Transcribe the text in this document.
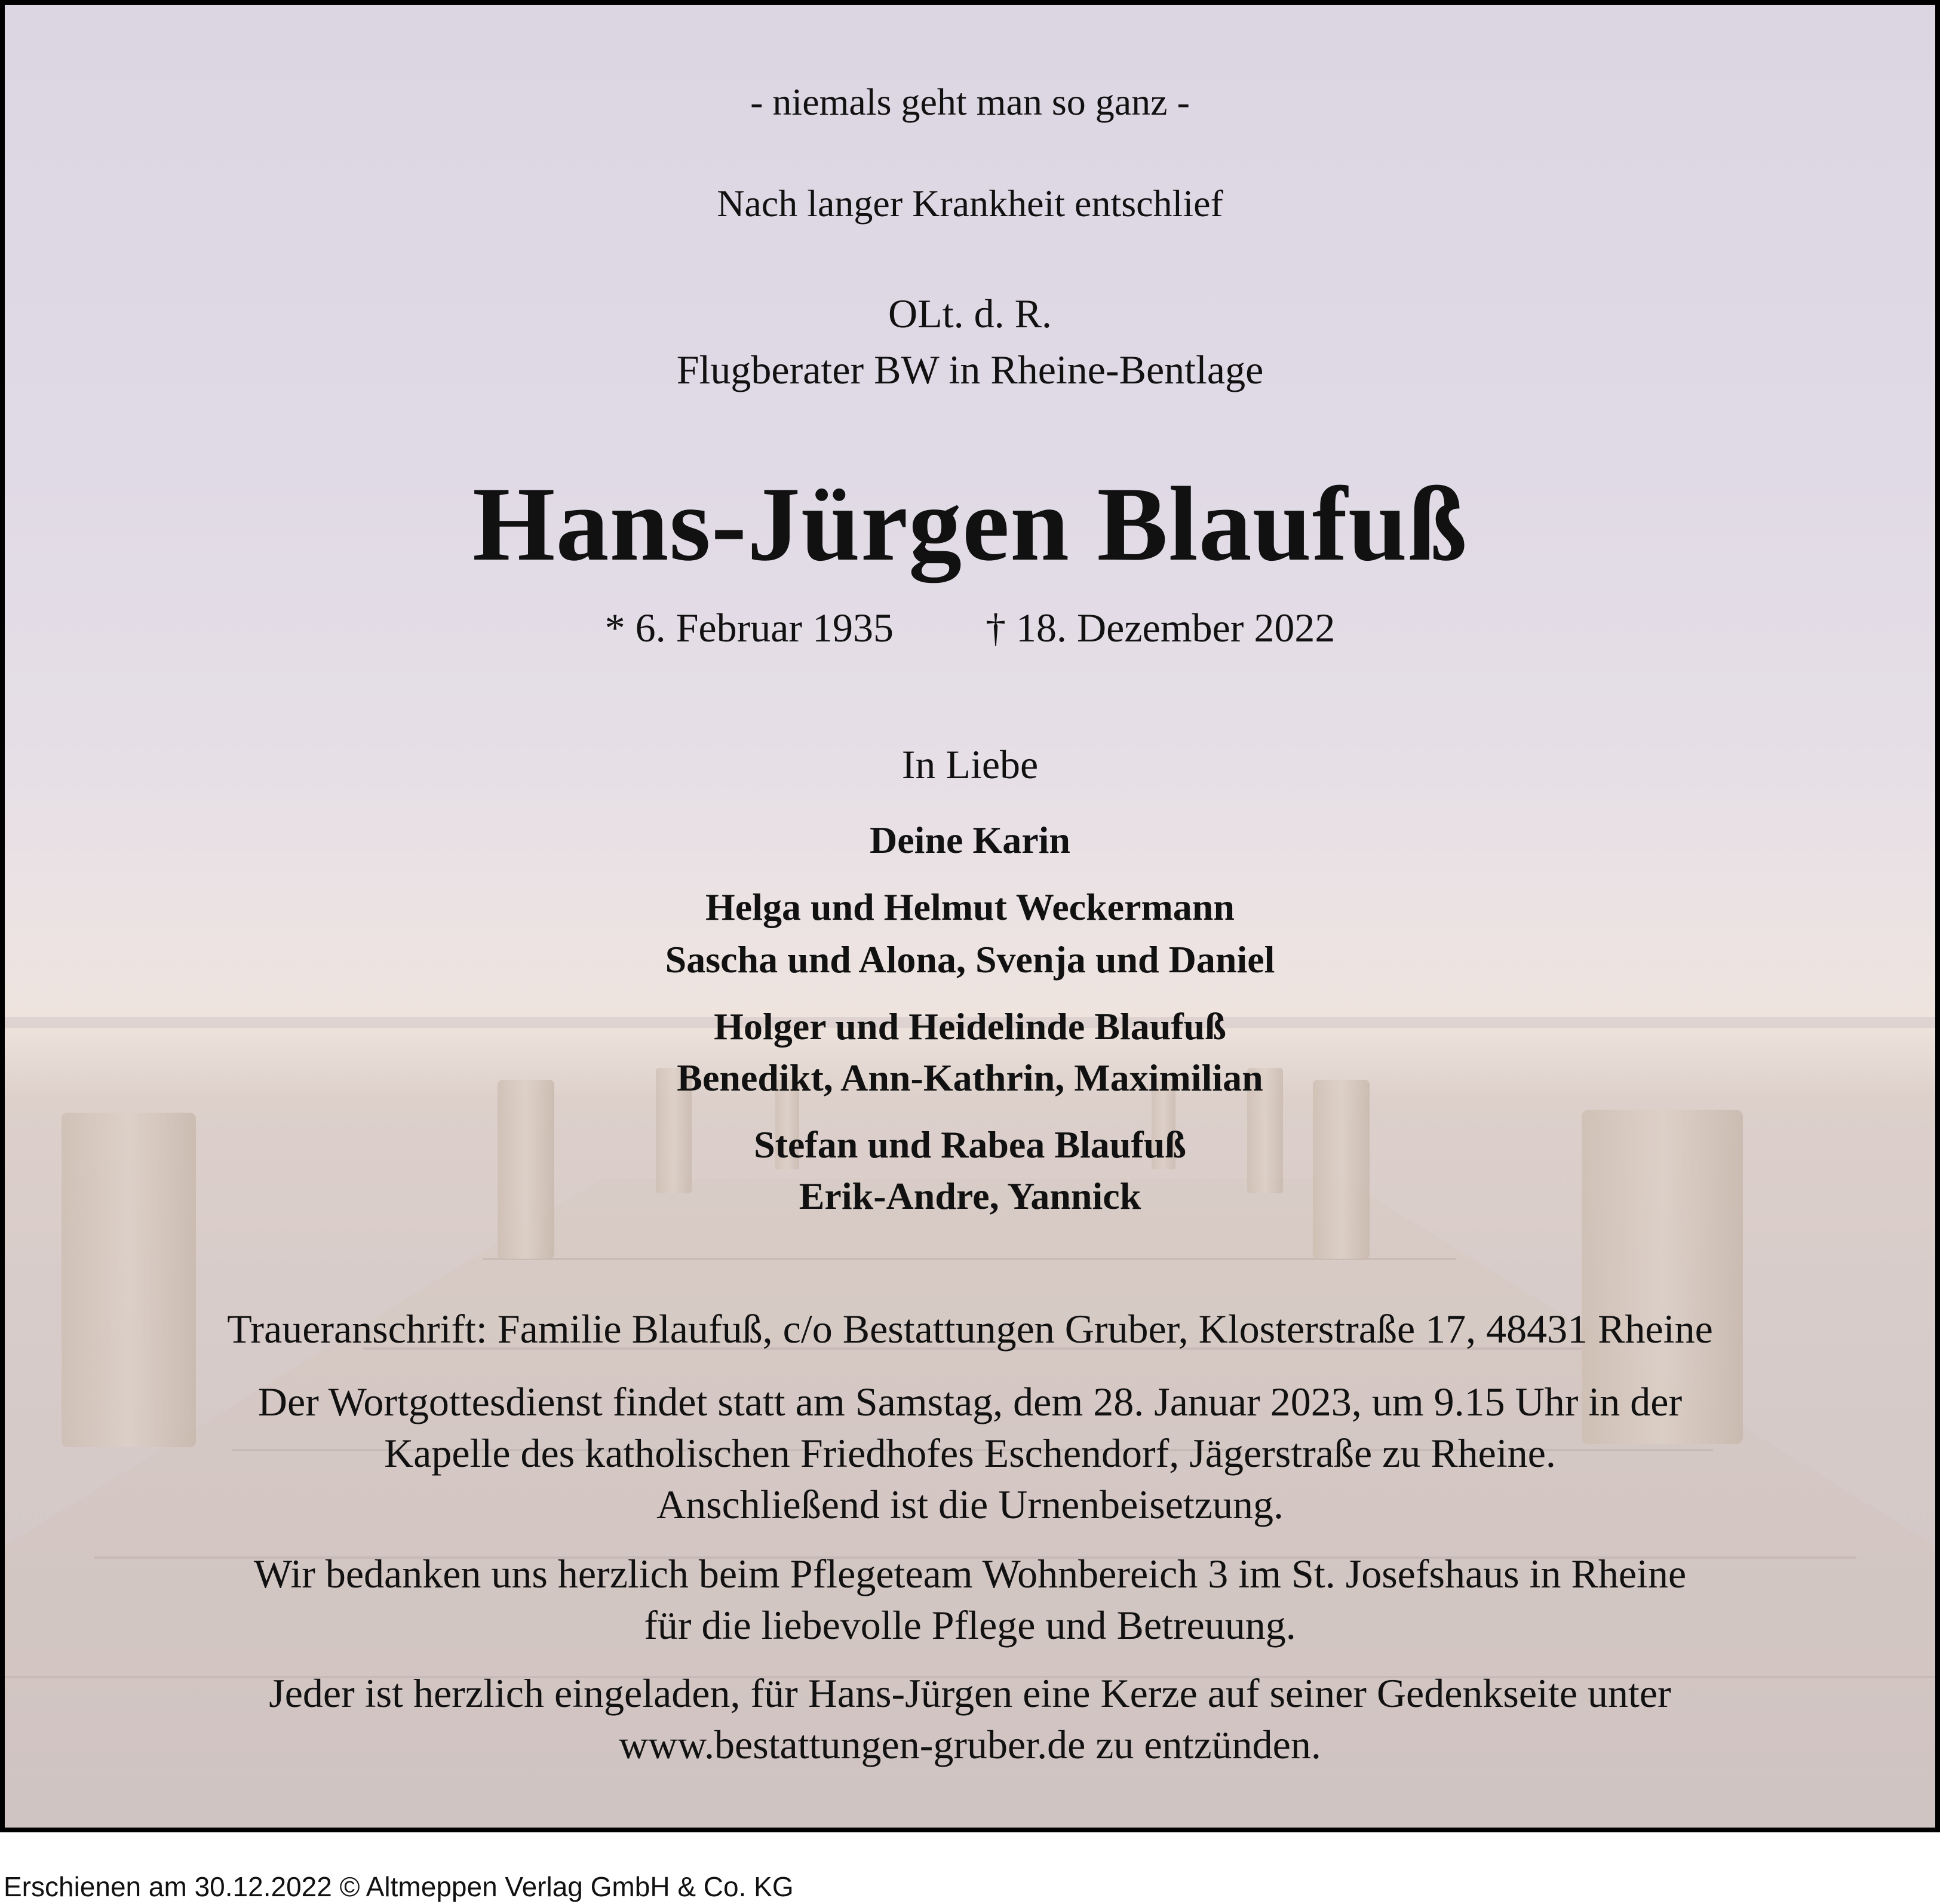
- niemals geht man so ganz -
Nach langer Krankheit entschlief
OLt. d. R.
Flugberater BW in Rheine-Bentlage
Hans-Jürgen Blaufuß
* 6. Februar 1935 † 18. Dezember 2022
In Liebe
Deine Karin
Helga und Helmut Weckermann
Sascha und Alona, Svenja und Daniel
Holger und Heidelinde Blaufuß
Benedikt, Ann-Kathrin, Maximilian
Stefan und Rabea Blaufuß
Erik-Andre, Yannick
Traueranschrift: Familie Blaufuß, c/o Bestattungen Gruber, Klosterstraße 17, 48431 Rheine
Der Wortgottesdienst findet statt am Samstag, dem 28. Januar 2023, um 9.15 Uhr in der
Kapelle des katholischen Friedhofes Eschendorf, Jägerstraße zu Rheine.
Anschließend ist die Urnenbeisetzung.
Wir bedanken uns herzlich beim Pflegeteam Wohnbereich 3 im St. Josefshaus in Rheine
für die liebevolle Pflege und Betreuung.
Jeder ist herzlich eingeladen, für Hans-Jürgen eine Kerze auf seiner Gedenkseite unter
www.bestattungen-gruber.de zu entzünden.
Erschienen am 30.12.2022 © Altmeppen Verlag GmbH & Co. KG
